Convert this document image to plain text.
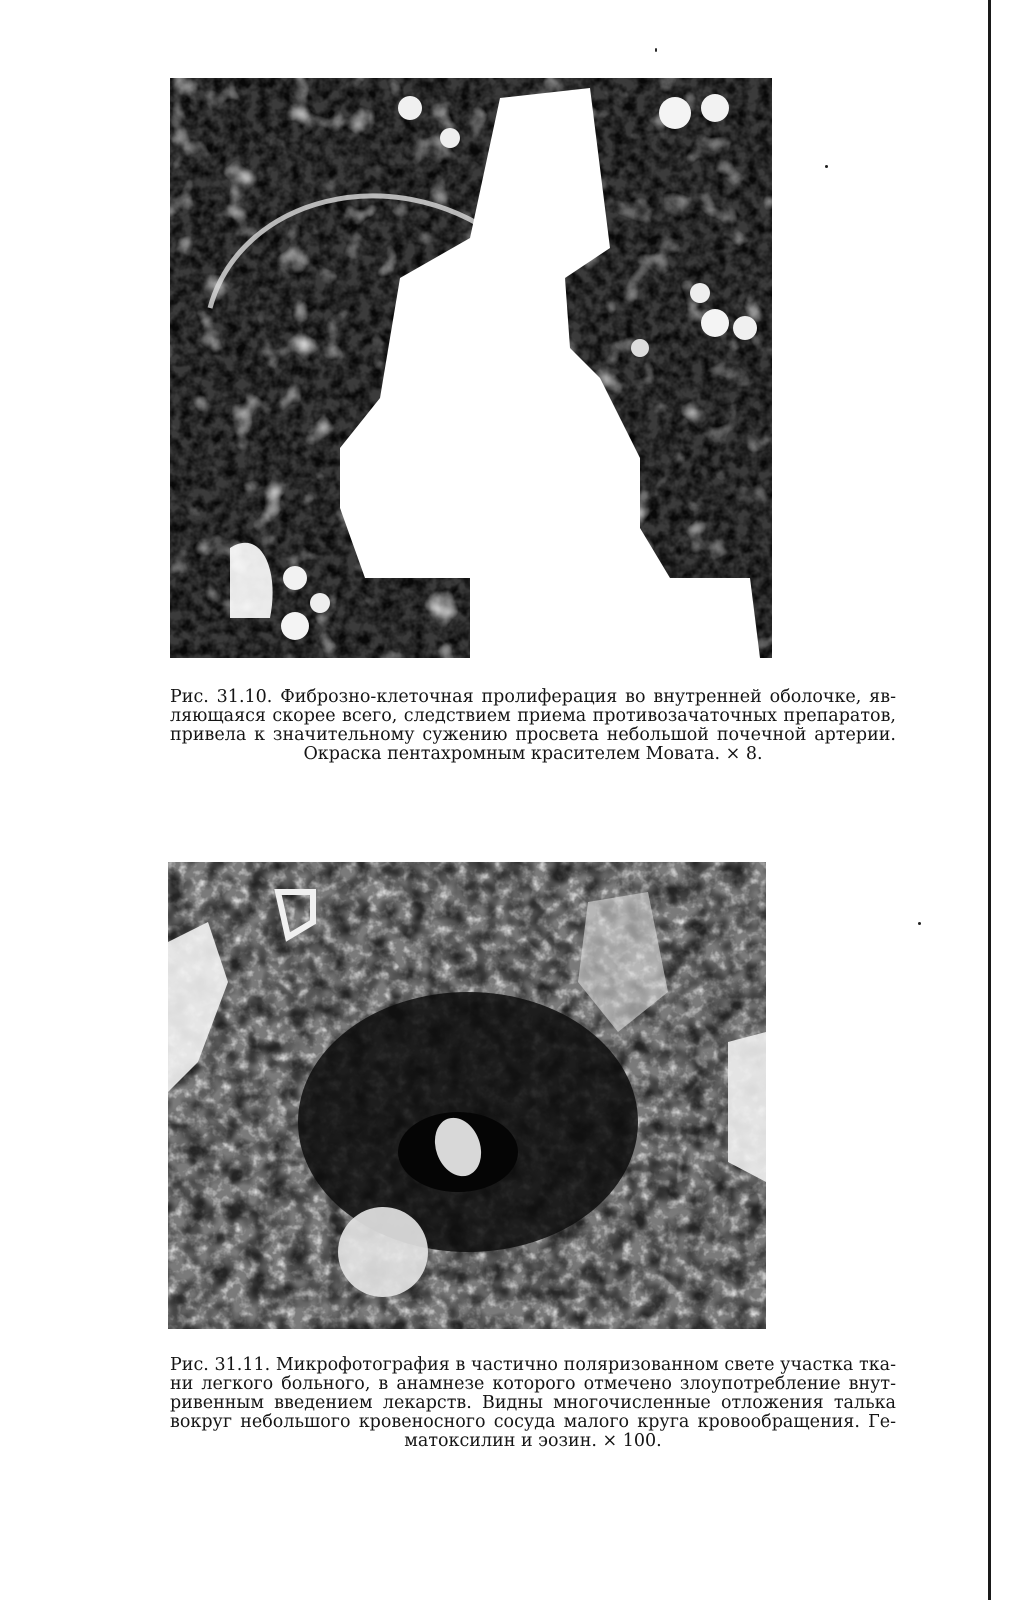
Рис. 31.10. Фиброзно-клеточная пролиферация во внутренней оболочке, яв-
ляющаяся скорее всего, следствием приема противозачаточных препаратов,
привела к значительному сужению просвета небольшой почечной артерии.
Окраска пентахромным красителем Мовата. × 8.
Рис. 31.11. Микрофотография в частично поляризованном свете участка тка-
ни легкого больного, в анамнезе которого отмечено злоупотребление внут-
ривенным введением лекарств. Видны многочисленные отложения талька
вокруг небольшого кровеносного сосуда малого круга кровообращения. Ге-
матоксилин и эозин. × 100.
